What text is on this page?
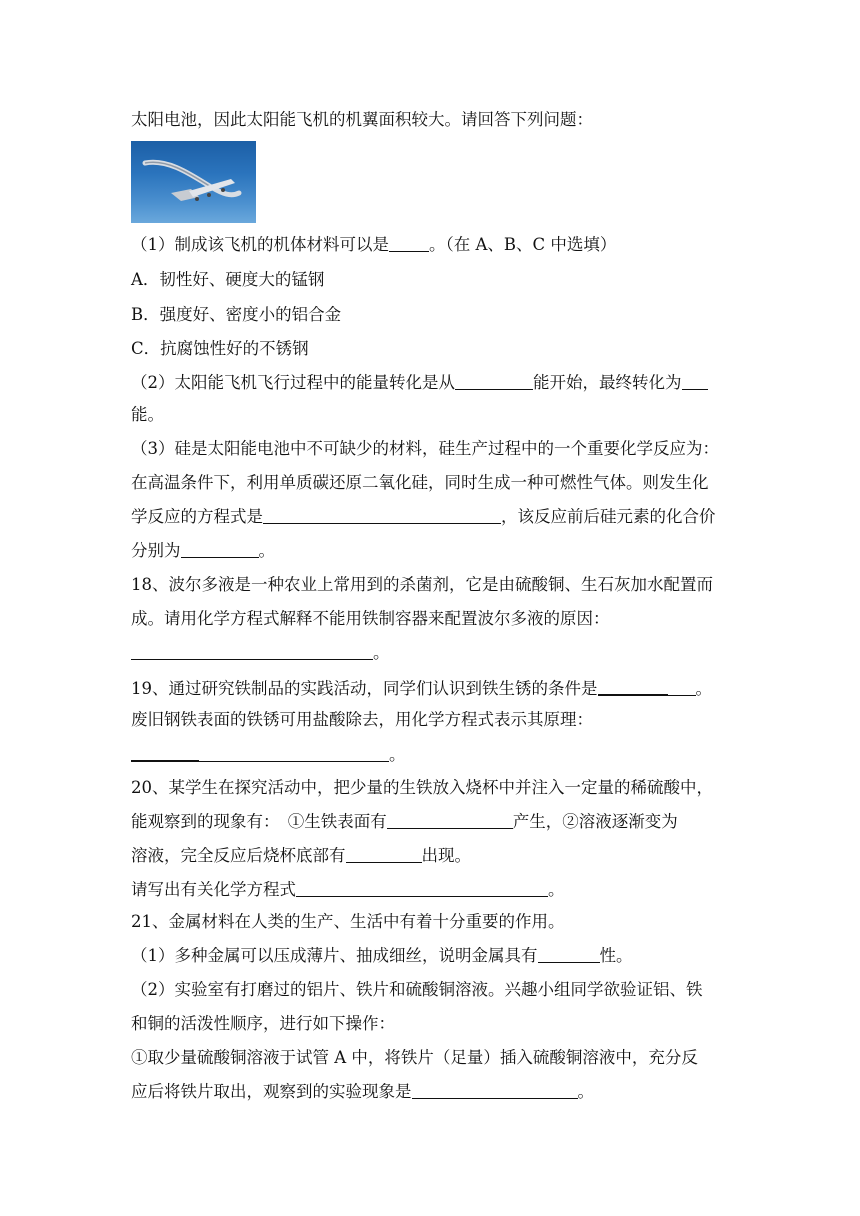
太阳电池，因此太阳能飞机的机翼面积较大。请回答下列问题：
（1）制成该飞机的机体材料可以是 。（在 A、B、C 中选填）
A．韧性好、硬度大的锰钢
B．强度好、密度小的铝合金
C．抗腐蚀性好的不锈钢
（2）太阳能飞机飞行过程中的能量转化是从	能开始，最终转化为
能。
（3）硅是太阳能电池中不可缺少的材料，硅生产过程中的一个重要化学反应为：
在高温条件下，利用单质碳还原二氧化硅，同时生成一种可燃性气体。则发生化
学反应的方程式是	，该反应前后硅元素的化合价
分别为	。
18、波尔多液是一种农业上常用到的杀菌剂，它是由硫酸铜、生石灰加水配置而
成。请用化学方程式解释不能用铁制容器来配置波尔多液的原因：
。
19、通过研究铁制品的实践活动，同学们认识到铁生锈的条件是	。
废旧钢铁表面的铁锈可用盐酸除去，用化学方程式表示其原理：
。
20、某学生在探究活动中，把少量的生铁放入烧杯中并注入一定量的稀硫酸中，
能观察到的现象有：　①生铁表面有	产生，②溶液逐渐变为
溶液，完全反应后烧杯底部有	出现。
请写出有关化学方程式	。
21、金属材料在人类的生产、生活中有着十分重要的作用。
（1）多种金属可以压成薄片、抽成细丝，说明金属具有	性。
（2）实验室有打磨过的铝片、铁片和硫酸铜溶液。兴趣小组同学欲验证铝、铁
和铜的活泼性顺序，进行如下操作：
①取少量硫酸铜溶液于试管 A 中，将铁片（足量）插入硫酸铜溶液中，充分反
应后将铁片取出，观察到的实验现象是	。
